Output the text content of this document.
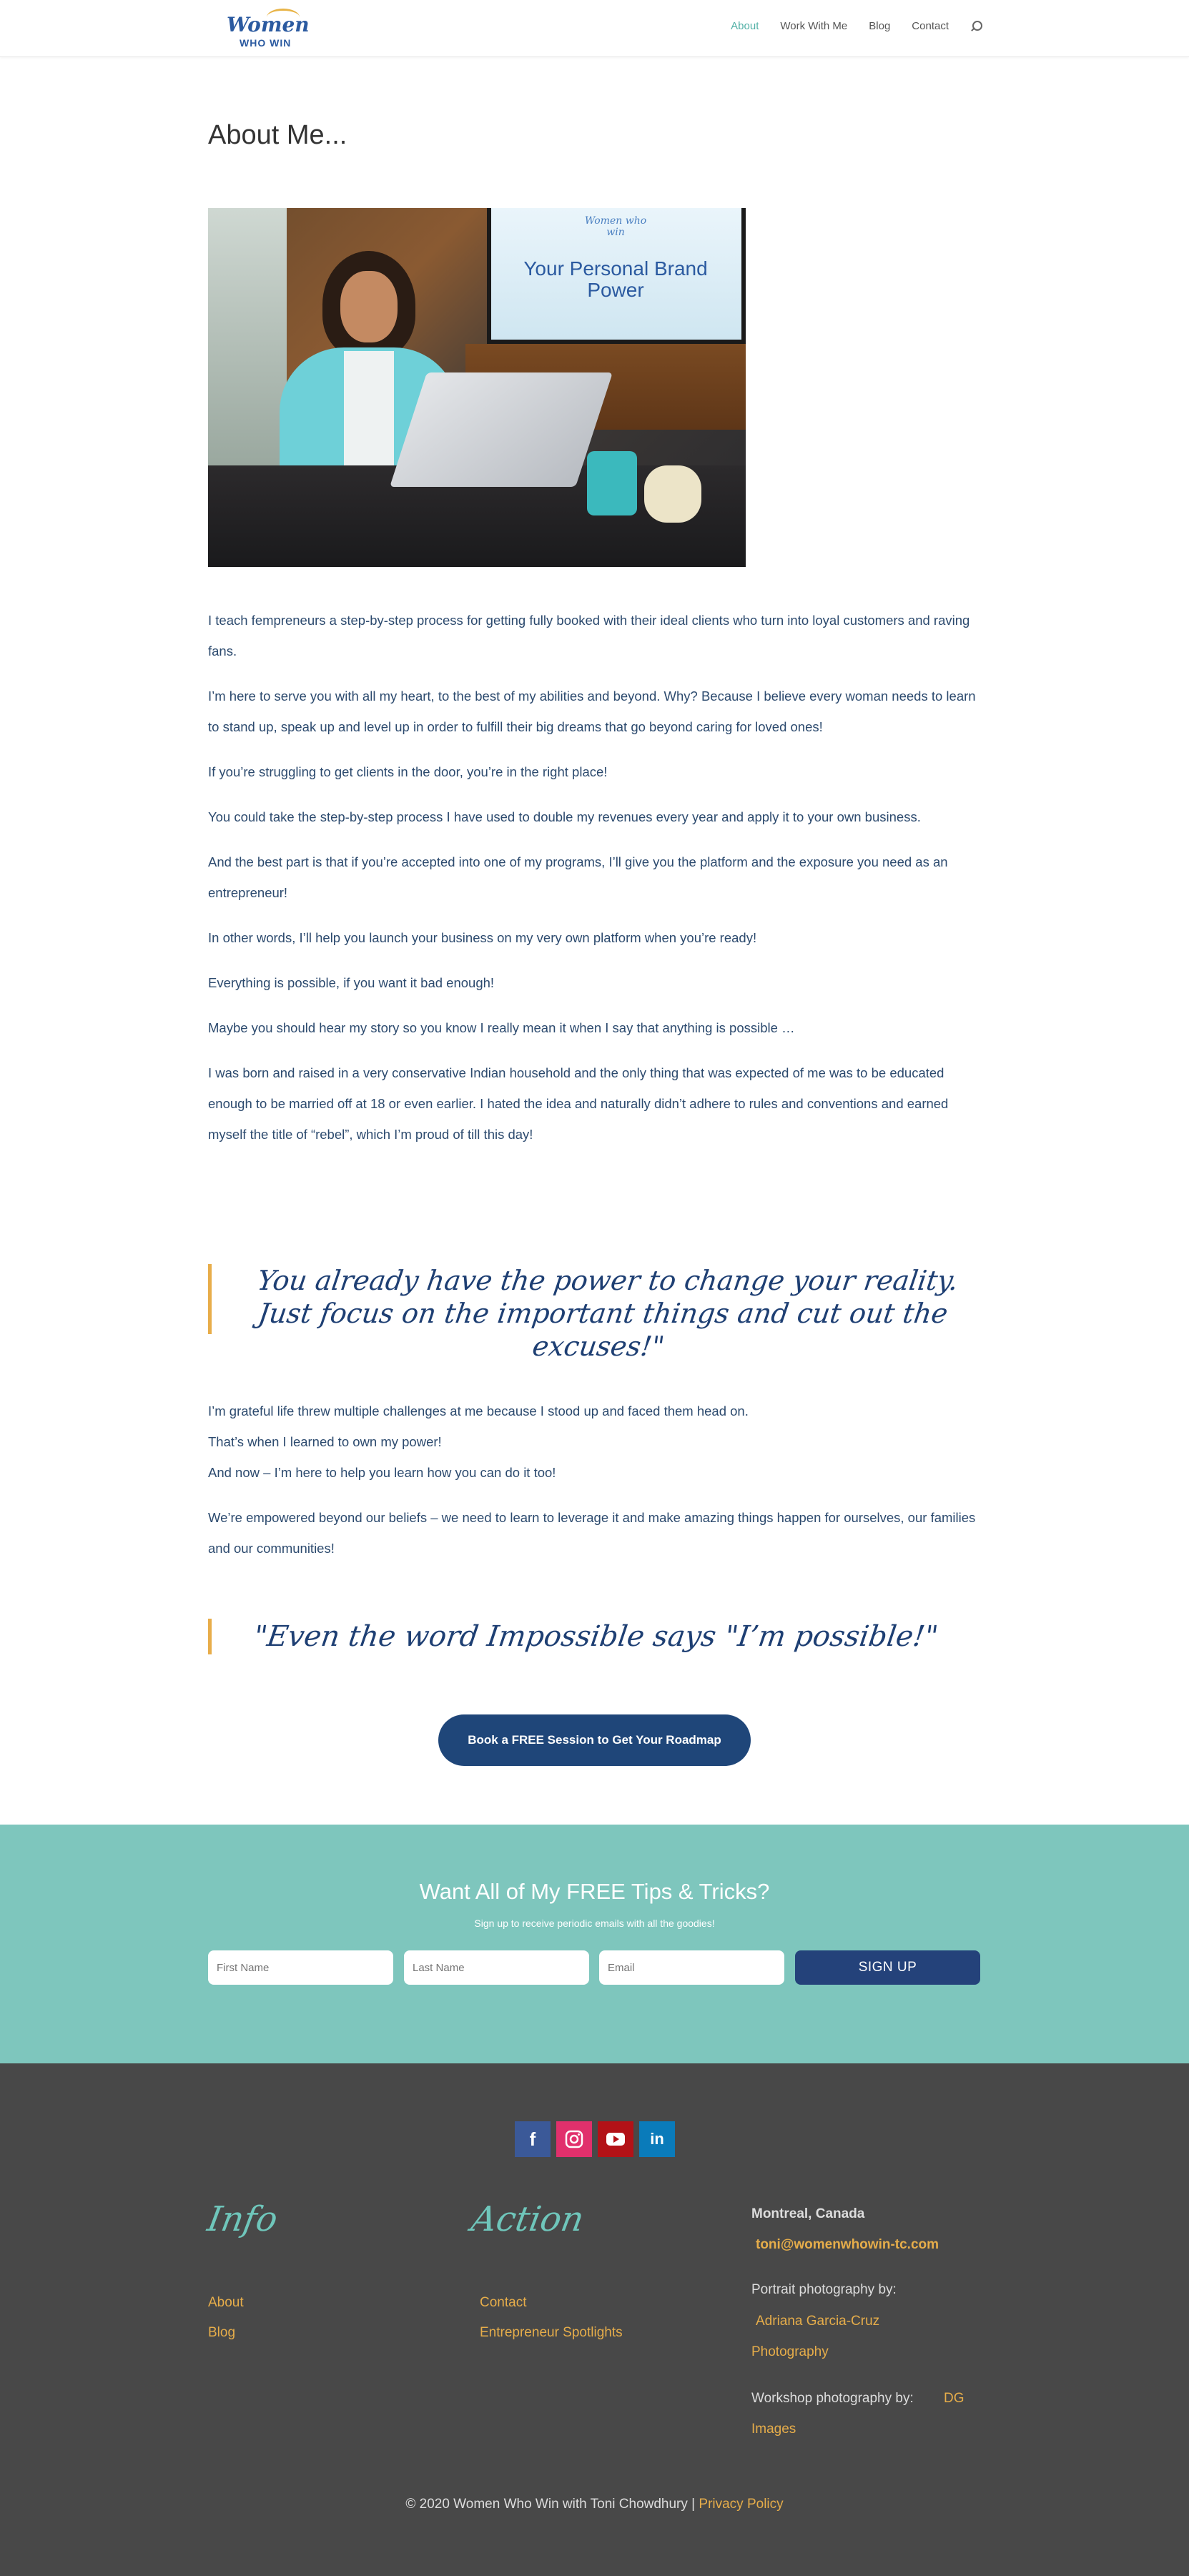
Women
WHO WIN
About Work With Me Blog Contact
About Me...
Women who win
Your Personal Brand Power

I teach fempreneurs a step-by-step process for getting fully booked with their ideal clients who turn into loyal customers and raving fans.

I’m here to serve you with all my heart, to the best of my abilities and beyond. Why? Because I believe every woman needs to learn to stand up, speak up and level up in order to fulfill their big dreams that go beyond caring for loved ones!

If you’re struggling to get clients in the door, you’re in the right place!

You could take the step-by-step process I have used to double my revenues every year and apply it to your own business.

And the best part is that if you’re accepted into one of my programs, I’ll give you the platform and the exposure you need as an entrepreneur!

In other words, I’ll help you launch your business on my very own platform when you’re ready!

Everything is possible, if you want it bad enough!

Maybe you should hear my story so you know I really mean it when I say that anything is possible …

I was born and raised in a very conservative Indian household and the only thing that was expected of me was to be educated enough to be married off at 18 or even earlier. I hated the idea and naturally didn’t adhere to rules and conventions and earned myself the title of “rebel”, which I’m proud of till this day!

You already have the power to change your reality. Just focus on the important things and cut out the excuses!"

I’m grateful life threw multiple challenges at me because I stood up and faced them head on.

That’s when I learned to own my power!

And now – I’m here to help you learn how you can do it too!

We’re empowered beyond our beliefs – we need to learn to leverage it and make amazing things happen for ourselves, our families and our communities!

"Even the word Impossible says "I’m possible!"
Book a FREE Session to Get Your Roadmap
Want All of My FREE Tips & Tricks?
Sign up to receive periodic emails with all the goodies!
First Name
Last Name
Email
SIGN UP
f	in
Info
About
Blog
Action
Contact
Entrepreneur Spotlights
Montreal, Canada
toni@womenwhowin-tc.com
Portrait photography by:
Adriana Garcia-Cruz
Photography
Workshop photography by: DG
Images
© 2020 Women Who Win with Toni Chowdhury | Privacy Policy
